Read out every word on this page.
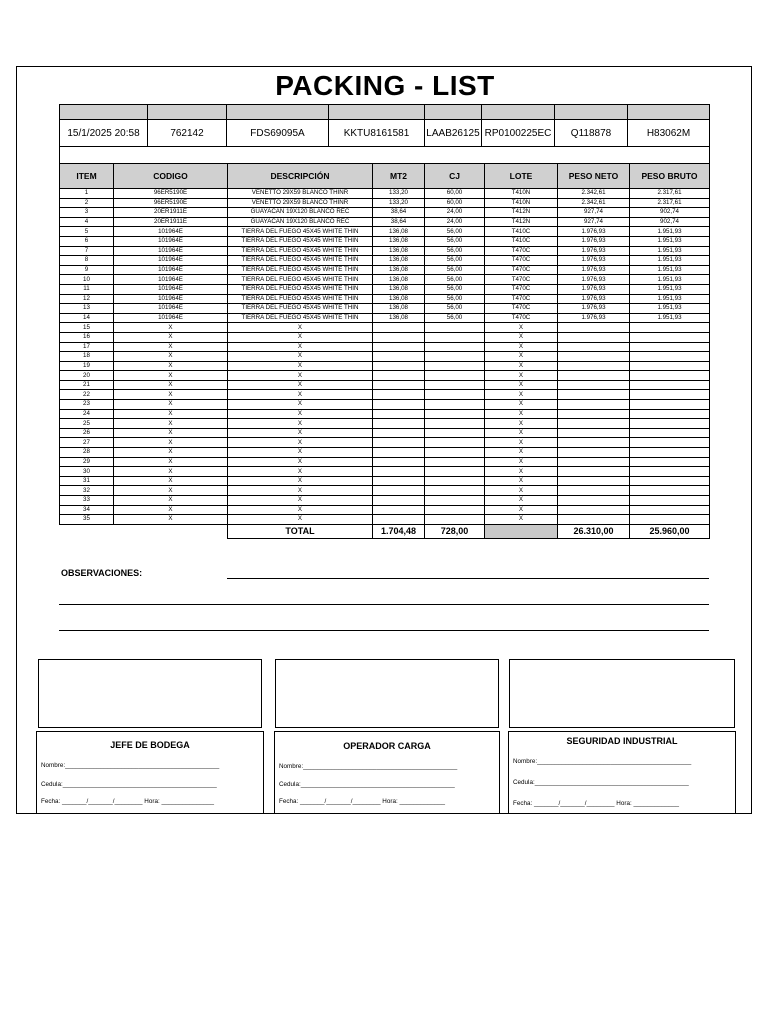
PACKING - LIST

15/1/2025 20:58	762142	FDS69095A	KKTU8161581	LAAB26125	RP0100225EC	Q118878	H83062M

ITEM	CODIGO	DESCRIPCIÓN	MT2	CJ	LOTE	PESO NETO	PESO BRUTO
1	96ER5190E	VENETTO 29X59 BLANCO THINR	133,20	60,00	T410N	2.342,61	2.317,61
2	96ER5190E	VENETTO 29X59 BLANCO THINR	133,20	60,00	T410N	2.342,61	2.317,61
3	20ER1911E	GUAYACAN 19X120 BLANCO REC	38,64	24,00	T412N	927,74	902,74
4	20ER1911E	GUAYACAN 19X120 BLANCO REC	38,64	24,00	T412N	927,74	902,74
5	101964E	TIERRA DEL FUEGO 45X45 WHITE THIN	136,08	56,00	T410C	1.976,93	1.951,93
6	101964E	TIERRA DEL FUEGO 45X45 WHITE THIN	136,08	56,00	T410C	1.976,93	1.951,93
7	101964E	TIERRA DEL FUEGO 45X45 WHITE THIN	136,08	56,00	T470C	1.976,93	1.951,93
8	101964E	TIERRA DEL FUEGO 45X45 WHITE THIN	136,08	56,00	T470C	1.976,93	1.951,93
9	101964E	TIERRA DEL FUEGO 45X45 WHITE THIN	136,08	56,00	T470C	1.976,93	1.951,93
10	101964E	TIERRA DEL FUEGO 45X45 WHITE THIN	136,08	56,00	T470C	1.976,93	1.951,93
11	101964E	TIERRA DEL FUEGO 45X45 WHITE THIN	136,08	56,00	T470C	1.976,93	1.951,93
12	101964E	TIERRA DEL FUEGO 45X45 WHITE THIN	136,08	56,00	T470C	1.976,93	1.951,93
13	101964E	TIERRA DEL FUEGO 45X45 WHITE THIN	136,08	56,00	T470C	1.976,93	1.951,93
14	101964E	TIERRA DEL FUEGO 45X45 WHITE THIN	136,08	56,00	T470C	1.976,93	1.951,93
15	X	X			X		
16	X	X			X		
17	X	X			X		
18	X	X			X		
19	X	X			X		
20	X	X			X		
21	X	X			X		
22	X	X			X		
23	X	X			X		
24	X	X			X		
25	X	X			X		
26	X	X			X		
27	X	X			X		
28	X	X			X		
29	X	X			X		
30	X	X			X		
31	X	X			X		
32	X	X			X		
33	X	X			X		
34	X	X			X		
35	X	X			X		
		TOTAL	1.704,48	728,00		26.310,00	25.960,00
OBSERVACIONES:
JEFE DE BODEGA
Nombre:____________________________________________
Cedula:____________________________________________
Fecha: _______/_______/________ Hora: _______________
OPERADOR CARGA
Nombre:____________________________________________
Cedula:____________________________________________
Fecha: _______/_______/________ Hora: _____________
SEGURIDAD INDUSTRIAL
Nombre:____________________________________________
Cedula:____________________________________________
Fecha: _______/_______/________ Hora: _____________
